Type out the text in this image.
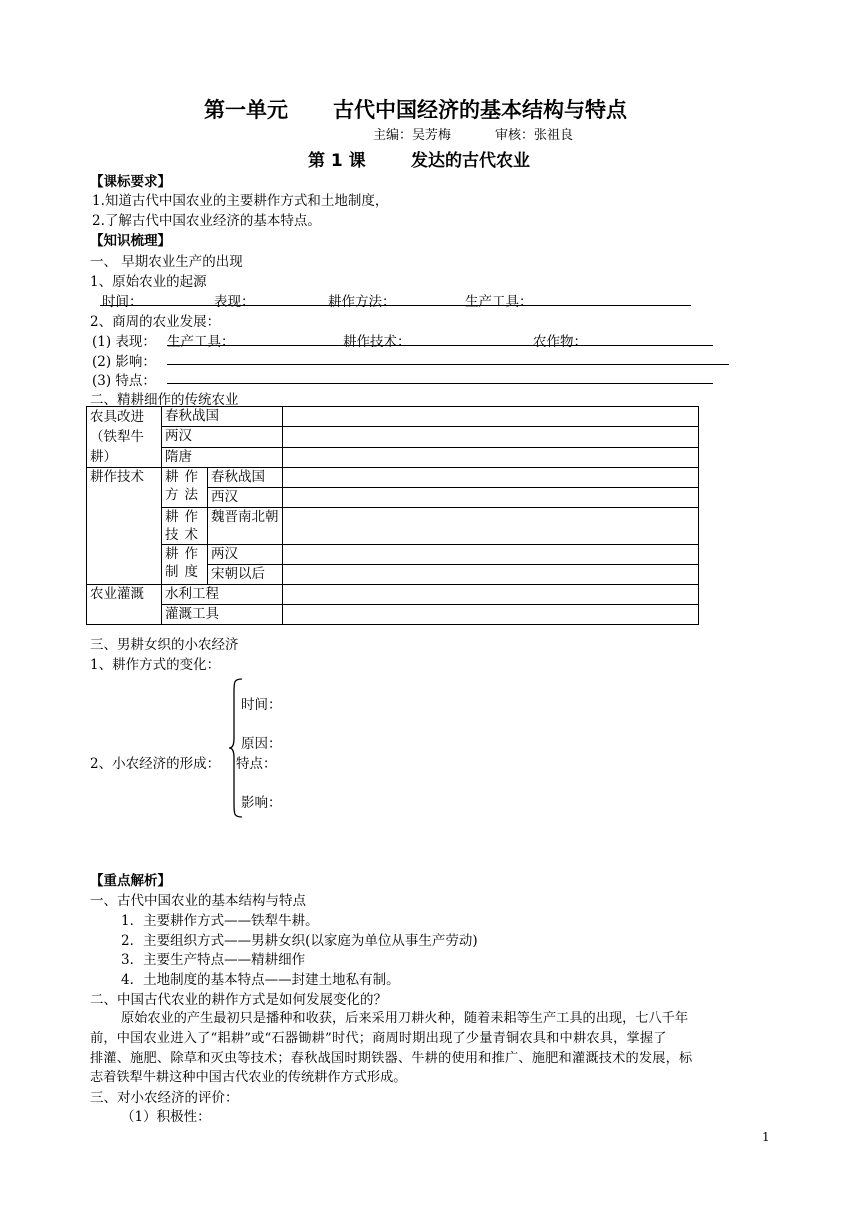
第一单元 古代中国经济的基本结构与特点
主编：吴芳梅	审核：张祖良
第 1 课	发达的古代农业
【课标要求】
1.知道古代中国农业的主要耕作方式和土地制度，
2.了解古代中国农业经济的基本特点。
【知识梳理】
一、 早期农业生产的出现
1、原始农业的起源
时间：	表现：	耕作方法：	生产工具：
2、商周的农业发展：
(1) 表现： 生产工具：	耕作技术：	农作物：
(2) 影响：
(3) 特点：
二、精耕细作的传统农业
农具改进（铁犁牛耕）	春秋战国		
	两汉		
	隋唐		
耕作技术	耕作方法	春秋战国	
		西汉	
	耕作技术	魏晋南北朝	

	耕作制度	两汉	
		宋朝以后	
农业灌溉	水利工程		
	灌溉工具		
三、男耕女织的小农经济
1、耕作方式的变化：
2、小农经济的形成：
时间：
原因：
特点：
影响：
【重点解析】
一、古代中国农业的基本结构与特点
1．主要耕作方式——铁犁牛耕。
2．主要组织方式——男耕女织(以家庭为单位从事生产劳动)
3．主要生产特点——精耕细作
4．土地制度的基本特点——封建土地私有制。
二、中国古代农业的耕作方式是如何发展变化的？
原始农业的产生最初只是播种和收获，后来采用刀耕火种，随着耒耜等生产工具的出现，七八千年
前，中国农业进入了“耜耕”或“石器锄耕”时代；商周时期出现了少量青铜农具和中耕农具，掌握了
排灌、施肥、除草和灭虫等技术；春秋战国时期铁器、牛耕的使用和推广、施肥和灌溉技术的发展，标
志着铁犁牛耕这种中国古代农业的传统耕作方式形成。
三、对小农经济的评价：
（1）积极性：
1
